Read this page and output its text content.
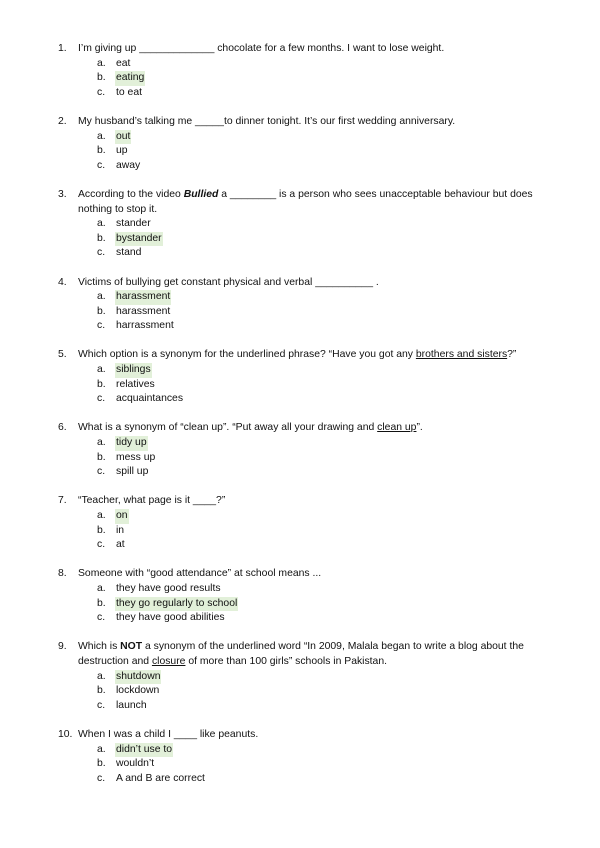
1.	I’m giving up _____________ chocolate for a few months. I want to lose weight.
a. eat
b. eating
c.	to eat
2.	My husband’s talking me _____to dinner tonight. It’s our first wedding anniversary.
a. out
b. up
c.	away
3.	According to the video Bullied a ________ is a person who sees unacceptable behaviour but does nothing to stop it.
a. stander
b. bystander
c.	stand
4.	Victims of bullying get constant physical and verbal __________ .
a. harassment
b. harassment
c.	harrassment
5.	Which option is a synonym for the underlined phrase? “Have you got any brothers and sisters?”
a. siblings
b. relatives
c.	acquaintances
6.	What is a synonym of “clean up”. “Put away all your drawing and clean up”.
a. tidy up
b. mess up
c.	spill up
7.	“Teacher, what page is it ____?”
a. on
b. in
c.	at
8.	Someone with “good attendance” at school means ...
a. they have good results
b. they go regularly to school
c.	they have good abilities
9.	Which is NOT a synonym of the underlined word “In 2009, Malala began to write a blog about the destruction and closure of more than 100 girls” schools in Pakistan.
a. shutdown
b. lockdown
c.	launch
10. When I was a child I ____ like peanuts.
a. didn’t use to
b. wouldn’t
c.	A and B are correct
